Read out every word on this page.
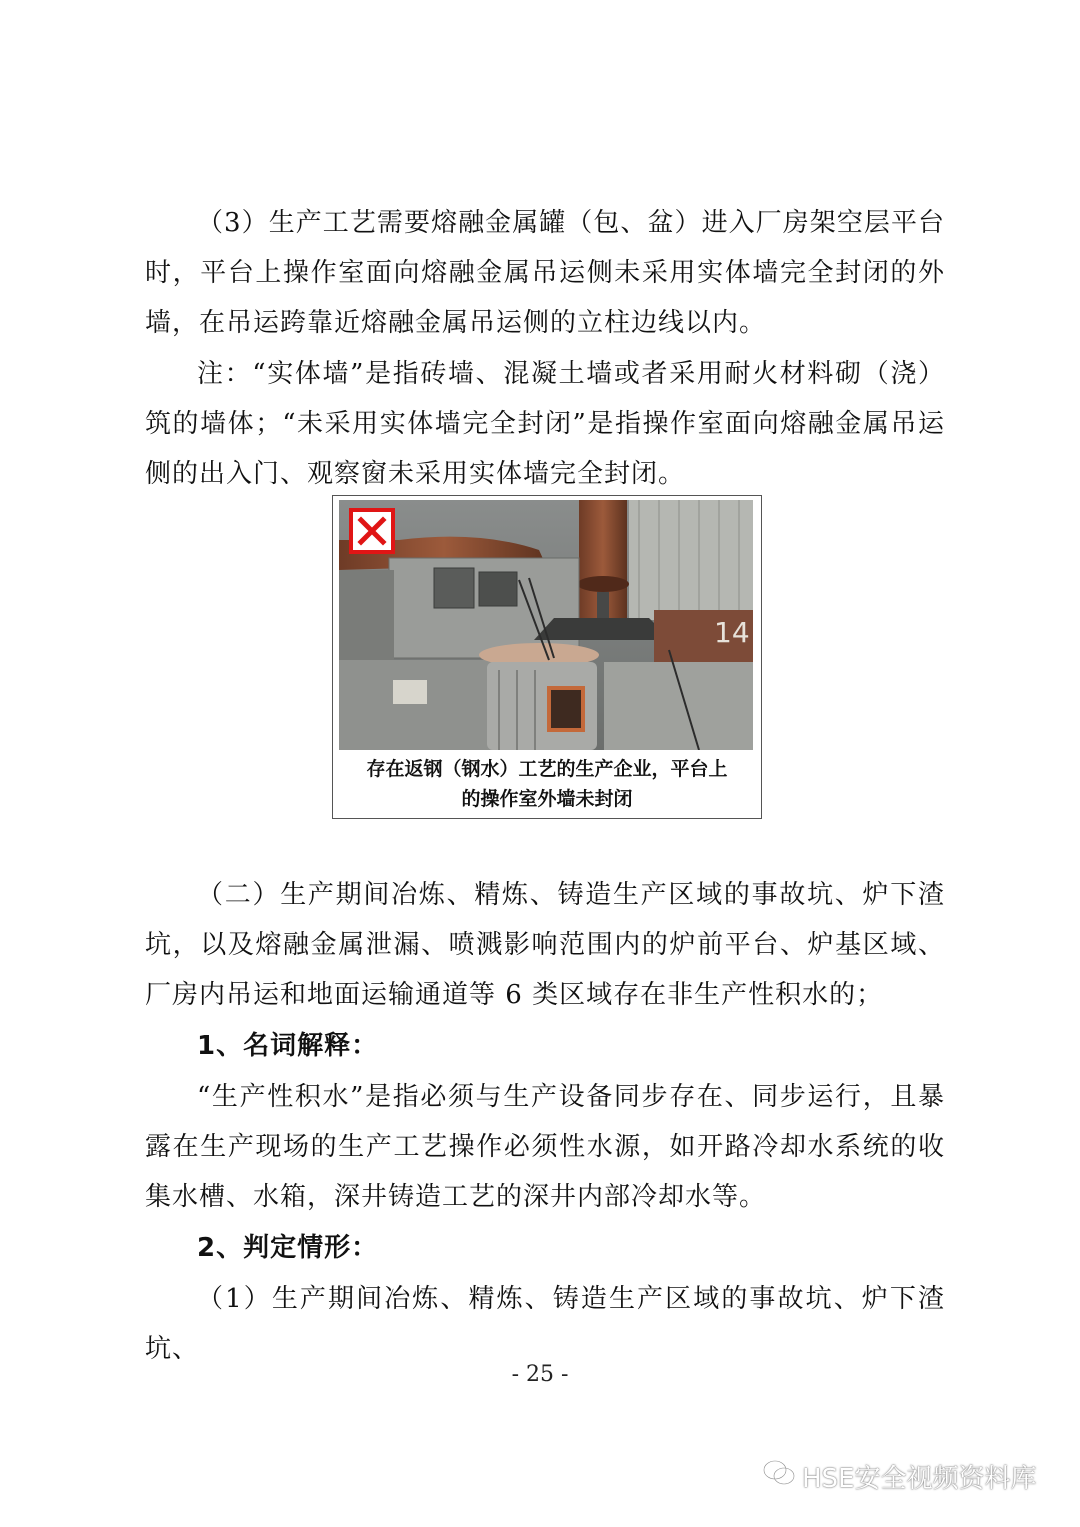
（3）生产工艺需要熔融金属罐（包、盆）进入厂房架空层平台时，平台上操作室面向熔融金属吊运侧未采用实体墙完全封闭的外墙，在吊运跨靠近熔融金属吊运侧的立柱边线以内。

注：“实体墙”是指砖墙、混凝土墙或者采用耐火材料砌（浇）筑的墙体；“未采用实体墙完全封闭”是指操作室面向熔融金属吊运侧的出入门、观察窗未采用实体墙完全封闭。

14
存在返钢（钢水）工艺的生产企业，平台上
的操作室外墙未封闭

（二）生产期间冶炼、精炼、铸造生产区域的事故坑、炉下渣坑，以及熔融金属泄漏、喷溅影响范围内的炉前平台、炉基区域、厂房内吊运和地面运输通道等 6 类区域存在非生产性积水的；

1、名词解释：

“生产性积水”是指必须与生产设备同步存在、同步运行，且暴露在生产现场的生产工艺操作必须性水源，如开路冷却水系统的收集水槽、水箱，深井铸造工艺的深井内部冷却水等。

2、判定情形：

（1）生产期间冶炼、精炼、铸造生产区域的事故坑、炉下渣坑、

- 25 -
HSE安全视频资料库
